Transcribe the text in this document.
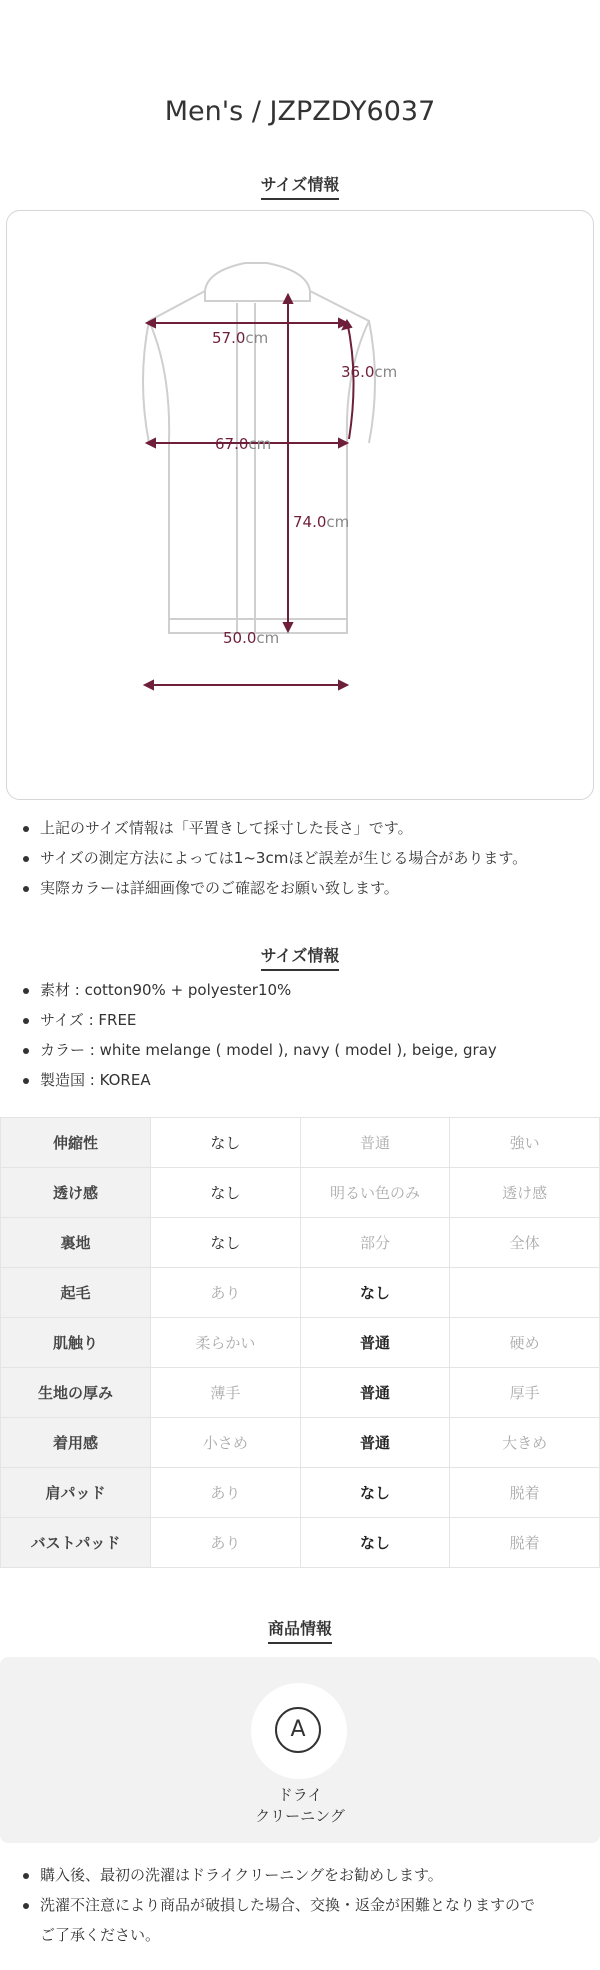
Men's / JZPZDY6037
サイズ情報
57.0cm
36.0cm
67.0cm
74.0cm
50.0cm
上記のサイズ情報は「平置きして採寸した長さ」です。
サイズの測定方法によっては1~3cmほど誤差が生じる場合があります。
実際カラーは詳細画像でのご確認をお願い致します。
サイズ情報
素材 : cotton90% + polyester10%
サイズ : FREE
カラー : white melange ( model ), navy ( model ), beige, gray
製造国 : KOREA
伸縮性	なし	普通	強い
透け感	なし	明るい色のみ	透け感
裏地	なし	部分	全体
起毛	あり	なし	
肌触り	柔らかい	普通	硬め
生地の厚み	薄手	普通	厚手
着用感	小さめ	普通	大きめ
肩パッド	あり	なし	脱着
バストパッド	あり	なし	脱着
商品情報
A
ドライ
クリーニング
購入後、最初の洗濯はドライクリーニングをお勧めします。
洗濯不注意により商品が破損した場合、交換・返金が困難となりますので
ご了承ください。
